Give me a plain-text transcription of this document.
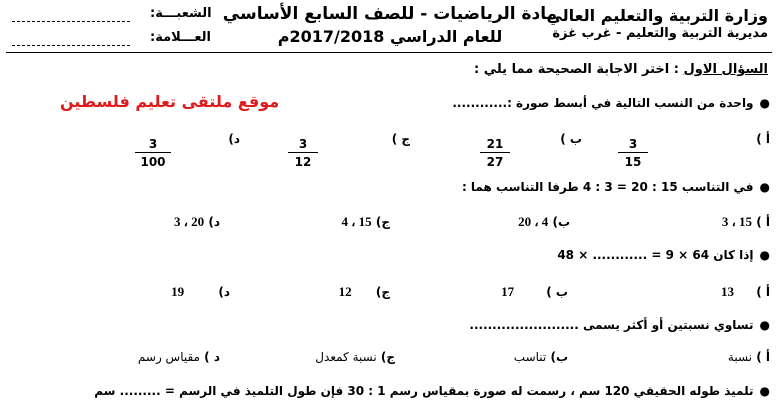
وزارة التربية والتعليم العالي
مديرية التربية والتعليم - غرب غزة
مادة الرياضيات - للصف السابع الأساسي
للعام الدراسي 2017/2018م
الشعبـــة:
العـــلامة:
السؤال الاول : اختر الاجابة الصحيحة مما يلي :
موقع ملتقى تعليم فلسطين	●واحدة من النسب التالية في أبسط صورة :............
أ )
$\frac{3}{15}$
ب )
$\frac{21}{27}$
ج )
$\frac{3}{12}$
د)
$\frac{3}{100}$
●في التناسب 15 : 20 = 3 : 4 طرفا التناسب هما :
أ ) 15 ، 3
ب) 4 ، 20
ج) 15 ، 4
د) 20 ، 3
●إذا كان 64 × 9 = ............ × 48
أ ) 13
ب ) 17
ج) 12
د) 19
●تساوي نسبتين أو أكثر يسمى ........................
أ ) نسبة
ب) تناسب
ج) نسبة كمعدل
د ) مقياس رسم
●تلميذ طوله الحقيقي 120 سم ، رسمت له صورة بمقياس رسم 1 : 30 فإن طول التلميذ في الرسم = ......... سم
